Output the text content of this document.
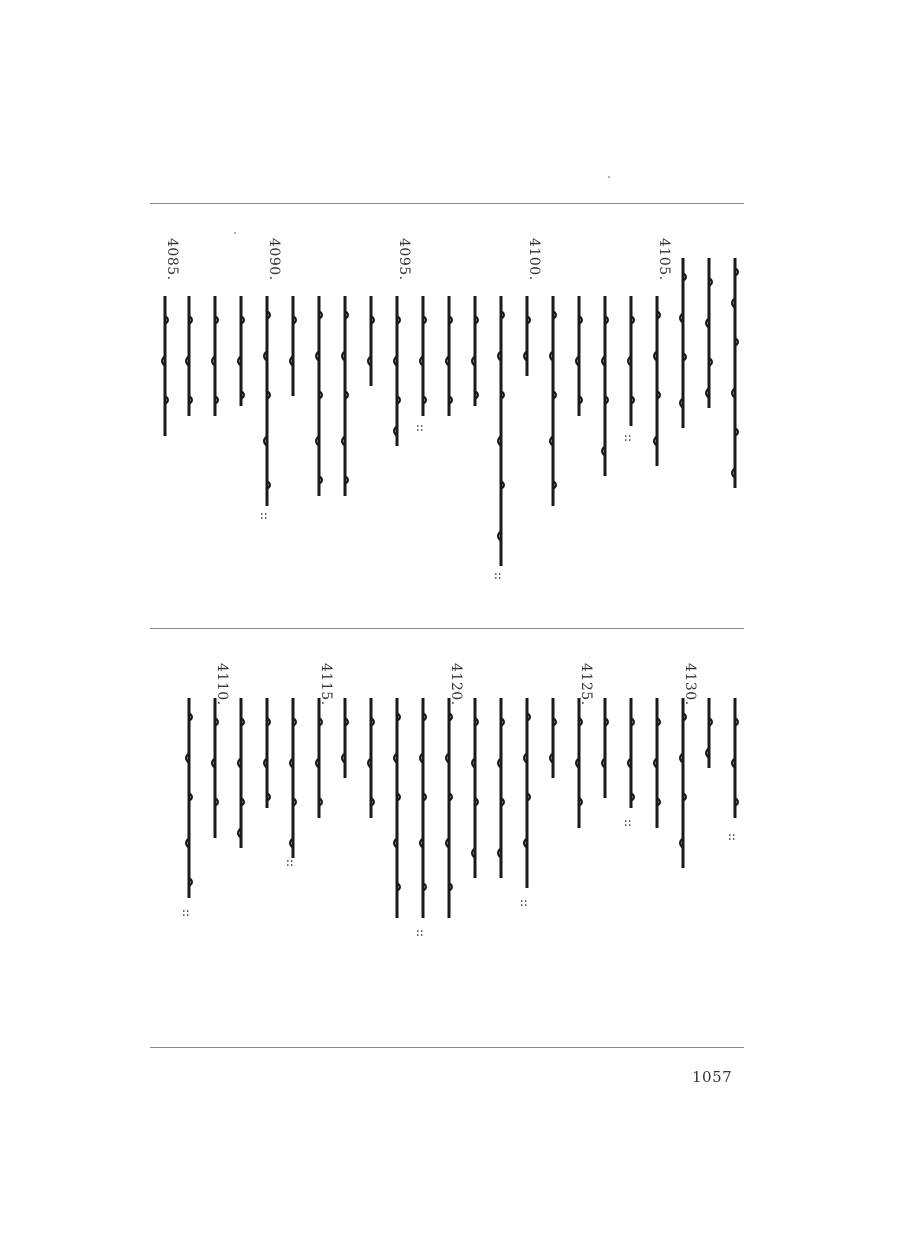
4105.
::
4100.
::
::
4095.
4090.
::
4085.
::
4130.
::
4125.
::
4120.
::
4115.
::
4110.
::
1057
